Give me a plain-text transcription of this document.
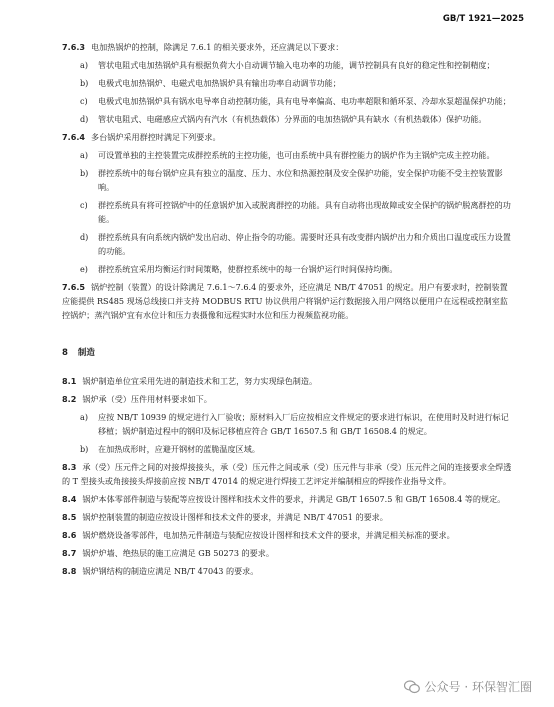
GB/T 1921—2025

7.6.3 电加热锅炉的控制，除满足 7.6.1 的相关要求外，还应满足以下要求：

a) 管状电阻式电加热锅炉具有根据负荷大小自动调节输入电功率的功能，调节控制具有良好的稳定性和控制精度；

b) 电极式电加热锅炉、电磁式电加热锅炉具有输出功率自动调节功能；

c) 电极式电加热锅炉具有锅水电导率自动控制功能，具有电导率偏高、电功率超限和循环泵、冷却水泵超温保护功能；

d) 管状电阻式、电磁感应式锅内有汽水（有机热载体）分界面的电加热锅炉具有缺水（有机热载体）保护功能。

7.6.4 多台锅炉采用群控时满足下列要求。

a) 可设置单独的主控装置完成群控系统的主控功能，也可由系统中具有群控能力的锅炉作为主锅炉完成主控功能。

b) 群控系统中的每台锅炉应具有独立的温度、压力、水位和热源控制及安全保护功能，安全保护功能不受主控装置影响。

c) 群控系统具有将可控锅炉中的任意锅炉加入或脱离群控的功能。具有自动将出现故障或安全保护的锅炉脱离群控的功能。

d) 群控系统具有向系统内锅炉发出启动、停止指令的功能。需要时还具有改变群内锅炉出力和介质出口温度或压力设置的功能。

e) 群控系统宜采用均衡运行时间策略，使群控系统中的每一台锅炉运行时间保持均衡。

7.6.5 锅炉控制（装置）的设计除满足 7.6.1～7.6.4 的要求外，还应满足 NB/T 47051 的规定。用户有要求时，控制装置应能提供 RS485 现场总线接口并支持 MODBUS RTU 协议供用户将锅炉运行数据接入用户网络以便用户在远程或控制室监控锅炉；蒸汽锅炉宜有水位计和压力表摄像和远程实时水位和压力视频监视功能。

8 制造

8.1 锅炉制造单位宜采用先进的制造技术和工艺，努力实现绿色制造。

8.2 锅炉承（受）压件用材料要求如下。

a) 应按 NB/T 10939 的规定进行入厂验收；原材料入厂后应按相应文件规定的要求进行标识，在使用时及时进行标记移植；锅炉制造过程中的钢印及标记移植应符合 GB/T 16507.5 和 GB/T 16508.4 的规定。

b) 在加热成形时，应避开钢材的蓝脆温度区域。

8.3 承（受）压元件之间的对接焊接接头，承（受）压元件之间或承（受）压元件与非承（受）压元件之间的连接要求全焊透的 T 型接头或角接接头焊接前应按 NB/T 47014 的规定进行焊接工艺评定并编制相应的焊接作业指导文件。

8.4 锅炉本体零部件制造与装配等应按设计图样和技术文件的要求，并满足 GB/T 16507.5 和 GB/T 16508.4 等的规定。

8.5 锅炉控制装置的制造应按设计图样和技术文件的要求，并满足 NB/T 47051 的要求。

8.6 锅炉燃烧设备零部件，电加热元件制造与装配应按设计图样和技术文件的要求，并满足相关标准的要求。

8.7 锅炉炉墙、绝热层的施工应满足 GB 50273 的要求。

8.8 锅炉钢结构的制造应满足 NB/T 47043 的要求。

公众号 · 环保智汇圈
